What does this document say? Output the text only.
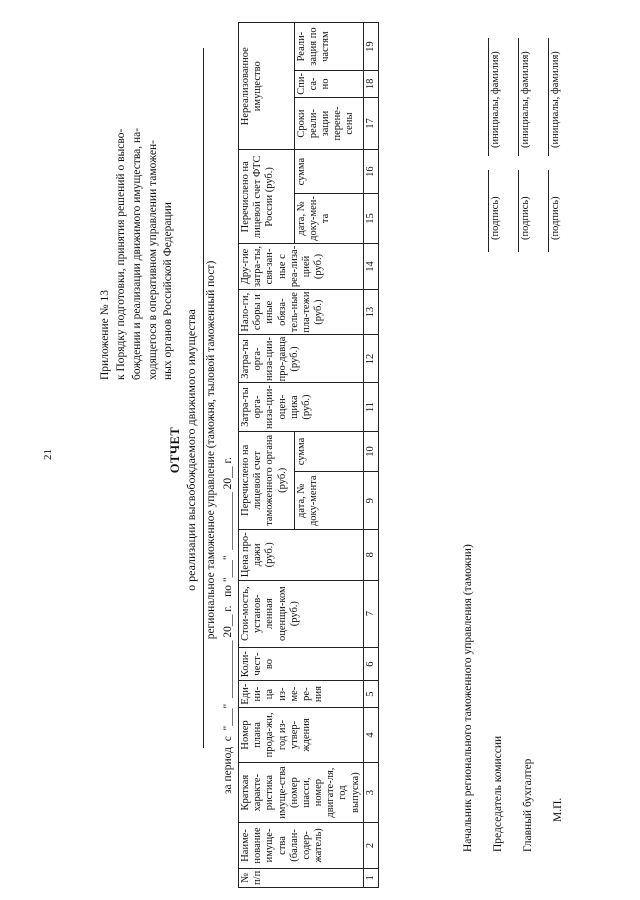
21
Приложение № 13 к Порядку подготовки, принятия решений о высво- бождении и реализации движимого имущества, на- ходящегося в оперативном управлении таможен- ных органов Российской Федерации
ОТЧЕТ о реализации высвобождаемого движимого имущества региональное таможенное управление (таможня, тыловой таможенный пост) за период  с  "___"  __________ 20__ г.   по "___"  __________ 20__ г.
№ п/п	Наиме-нование имуще-ства (балан-содер-жатель)	Краткая характе-ристика имуще-ства (номер шасси, номер двигате-ля, год выпуска)	Номер плана прода-жи, год из-утвер-ждения	Еди-ни-ца из-ме-ре-ния	Коли-чест-во	Стои-мость, установ-ленная оценщи-ком (руб.)	Цена про-дажи (руб.)	Перечислено на лицевой счет таможенного органа (руб.)		Затра-ты орга-низа-ции-оцен-щика (руб.)	Затра-ты орга-низа-ции-про-давца (руб.)	Нало-ги, сборы и иные обяза-тель-ные пла-тежи (руб.)	Дру-гие затра-ты, свя-зан-ные с реа-лиза-цией (руб.)	Перечислено на лицевой счет ФТС России (руб.)		Нереализованное имущество		
								дата, № доку-мента	сумма					дата, № доку-мен-та	сумма	Сроки реали-зации перене-сены	Спи-са-но	Реали-зация по частям
1	2	3	4	5	6	7	8	9	10	11	12	13	14	15	16	17	18	19
Начальник регионального таможенного управления (таможни) Председатель комиссии
(подпись)
(инициалы, фамилия)
Главный бухгалтер
(подпись)
(инициалы, фамилия)
М.П.
(подпись)
(инициалы, фамилия)
